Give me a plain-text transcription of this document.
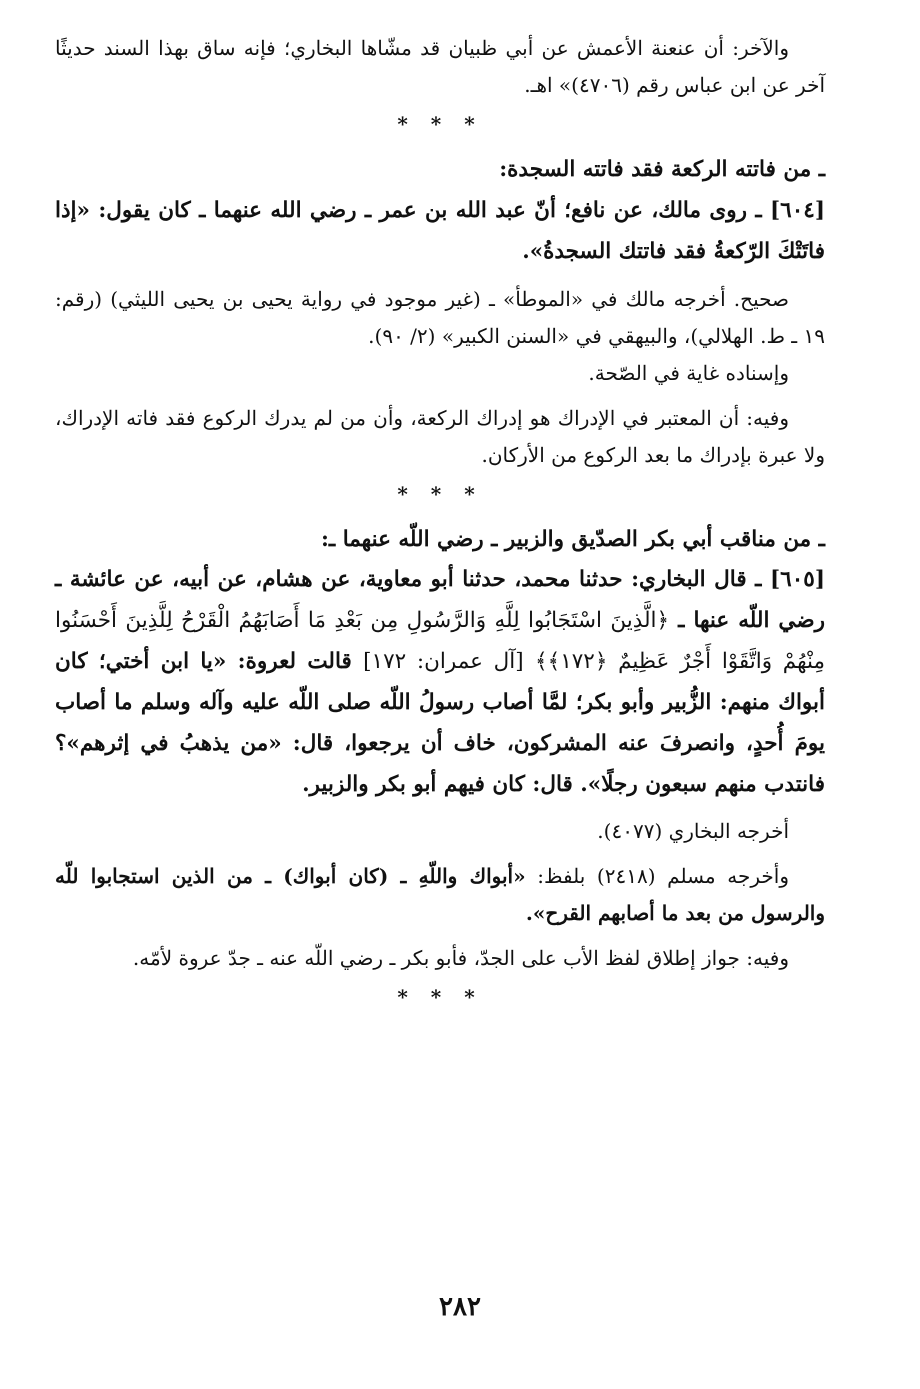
والآخر: أن عنعنة الأعمش عن أبي ظبيان قد مشّاها البخاري؛ فإنه ساق بهذا السند حديثًا آخر عن ابن عباس رقم (٤٧٠٦)» اهـ.

* * *

ـ من فاتته الركعة فقد فاتته السجدة:

[٦٠٤] ـ روى مالك، عن نافع؛ أنّ عبد الله بن عمر ـ رضي الله عنهما ـ كان يقول: «إذا فاتَتْكَ الرّكعةُ فقد فاتتك السجدةُ».

صحيح. أخرجه مالك في «الموطأ» ـ (غير موجود في رواية يحيى بن يحيى الليثي) (رقم: ١٩ ـ ط. الهلالي)، والبيهقي في «السنن الكبير» (٢/ ٩٠).

وإسناده غاية في الصّحة.

وفيه: أن المعتبر في الإدراك هو إدراك الركعة، وأن من لم يدرك الركوع فقد فاته الإدراك، ولا عبرة بإدراك ما بعد الركوع من الأركان.

* * *

ـ من مناقب أبي بكر الصدّيق والزبير ـ رضي اللّه عنهما ـ:

[٦٠٥] ـ قال البخاري: حدثنا محمد، حدثنا أبو معاوية، عن هشام، عن أبيه، عن عائشة ـ رضي اللّه عنها ـ ﴿الَّذِينَ اسْتَجَابُوا لِلَّهِ وَالرَّسُولِ مِن بَعْدِ مَا أَصَابَهُمُ الْقَرْحُ لِلَّذِينَ أَحْسَنُوا مِنْهُمْ وَاتَّقَوْا أَجْرٌ عَظِيمٌ ﴿١٧٢﴾﴾ [آل عمران: ١٧٢] قالت لعروة: «يا ابن أختي؛ كان أبواك منهم: الزُّبير وأبو بكر؛ لمَّا أصاب رسولُ اللّه صلى اللّه عليه وآله وسلم ما أصاب يومَ أُحدٍ، وانصرفَ عنه المشركون، خاف أن يرجعوا، قال: «من يذهبُ في إثرهم»؟ فانتدب منهم سبعون رجلًا». قال: كان فيهم أبو بكر والزبير.

أخرجه البخاري (٤٠٧٧).

وأخرجه مسلم (٢٤١٨) بلفظ: «أبواك واللّهِ ـ (كان أبواك) ـ من الذين استجابوا للّه والرسول من بعد ما أصابهم القرح».

وفيه: جواز إطلاق لفظ الأب على الجدّ، فأبو بكر ـ رضي اللّه عنه ـ جدّ عروة لأمّه.

* * *
٢٨٢
